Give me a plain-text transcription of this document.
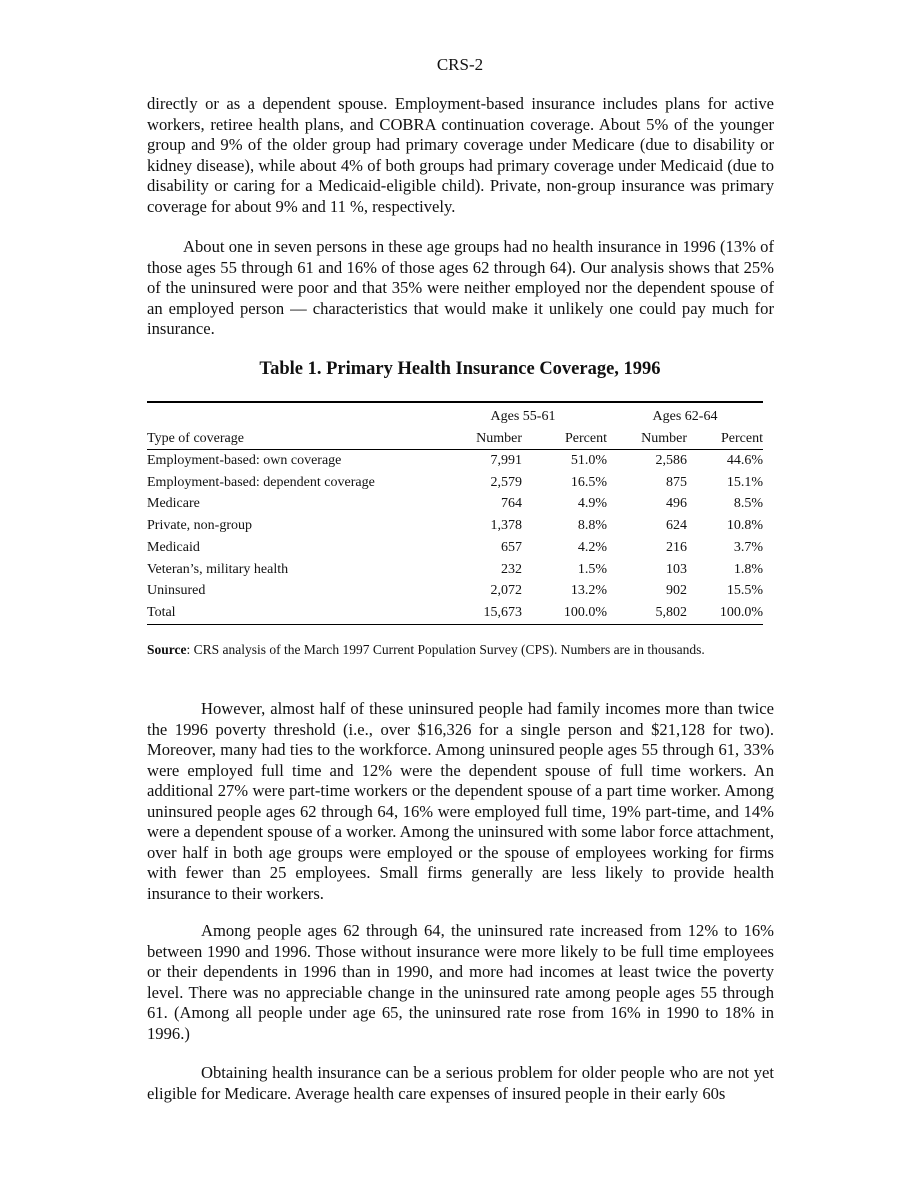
CRS-2

directly or as a dependent spouse. Employment-based insurance includes plans for active workers, retiree health plans, and COBRA continuation coverage. About 5% of the younger group and 9% of the older group had primary coverage under Medicare (due to disability or kidney disease), while about 4% of both groups had primary coverage under Medicaid (due to disability or caring for a Medicaid-eligible child). Private, non-group insurance was primary coverage for about 9% and 11 %, respectively.

About one in seven persons in these age groups had no health insurance in 1996 (13% of those ages 55 through 61 and 16% of those ages 62 through 64). Our analysis shows that 25% of the uninsured were poor and that 35% were neither employed nor the dependent spouse of an employed person — characteristics that would make it unlikely one could pay much for insurance.

Table 1. Primary Health Insurance Coverage, 1996
	Ages 55-61		Ages 62-64	
Type of coverage	Number	Percent	Number	Percent
Employment-based: own coverage	7,991	51.0%	2,586	44.6%
Employment-based: dependent coverage	2,579	16.5%	875	15.1%
Medicare	764	4.9%	496	8.5%
Private, non-group	1,378	8.8%	624	10.8%
Medicaid	657	4.2%	216	3.7%
Veteran’s, military health	232	1.5%	103	1.8%
Uninsured	2,072	13.2%	902	15.5%
Total	15,673	100.0%	5,802	100.0%

Source: CRS analysis of the March 1997 Current Population Survey (CPS). Numbers are in thousands.

However, almost half of these uninsured people had family incomes more than twice the 1996 poverty threshold (i.e., over $16,326 for a single person and $21,128 for two). Moreover, many had ties to the workforce. Among uninsured people ages 55 through 61, 33% were employed full time and 12% were the dependent spouse of full time workers. An additional 27% were part-time workers or the dependent spouse of a part time worker. Among uninsured people ages 62 through 64, 16% were employed full time, 19% part-time, and 14% were a dependent spouse of a worker. Among the uninsured with some labor force attachment, over half in both age groups were employed or the spouse of employees working for firms with fewer than 25 employees. Small firms generally are less likely to provide health insurance to their workers.

Among people ages 62 through 64, the uninsured rate increased from 12% to 16% between 1990 and 1996. Those without insurance were more likely to be full time employees or their dependents in 1996 than in 1990, and more had incomes at least twice the poverty level. There was no appreciable change in the uninsured rate among people ages 55 through 61. (Among all people under age 65, the uninsured rate rose from 16% in 1990 to 18% in 1996.)

Obtaining health insurance can be a serious problem for older people who are not yet eligible for Medicare. Average health care expenses of insured people in their early 60s
